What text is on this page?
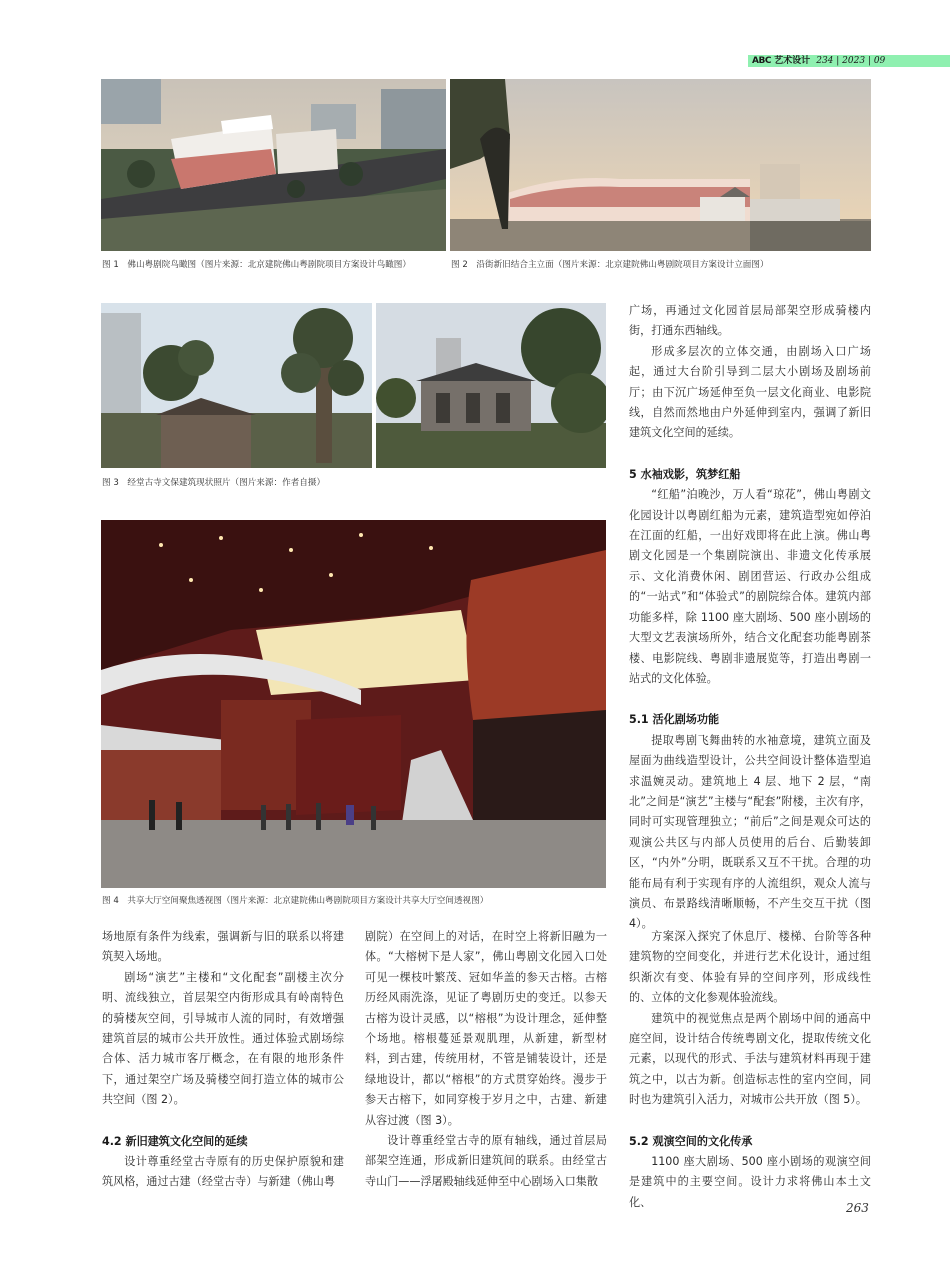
ABC 艺术设计 234 | 2023 | 09
图 1　佛山粤剧院鸟瞰图（图片来源：北京建院佛山粤剧院项目方案设计鸟瞰图）	图 2　沿街新旧结合主立面（图片来源：北京建院佛山粤剧院项目方案设计立面图）
图 3　经堂古寺文保建筑现状照片（图片来源：作者自摄）
图 4　共享大厅空间聚焦透视图（图片来源：北京建院佛山粤剧院项目方案设计共享大厅空间透视图）

广场，再通过文化园首层局部架空形成骑楼内街，打通东西轴线。

形成多层次的立体交通，由剧场入口广场起，通过大台阶引导到二层大小剧场及剧场前厅；由下沉广场延伸至负一层文化商业、电影院线，自然而然地由户外延伸到室内，强调了新旧建筑文化空间的延续。

5 水袖戏影，筑梦红船

“红船”泊晚沙，万人看“琼花”，佛山粤剧文化园设计以粤剧红船为元素，建筑造型宛如停泊在江面的红船，一出好戏即将在此上演。佛山粤剧文化园是一个集剧院演出、非遗文化传承展示、文化消费休闲、剧团营运、行政办公组成的“一站式”和“体验式”的剧院综合体。建筑内部功能多样，除 1100 座大剧场、500 座小剧场的大型文艺表演场所外，结合文化配套功能粤剧茶楼、电影院线、粤剧非遗展览等，打造出粤剧一站式的文化体验。

5.1 活化剧场功能

提取粤剧飞舞曲转的水袖意境，建筑立面及屋面为曲线造型设计，公共空间设计整体造型追求温婉灵动。建筑地上 4 层、地下 2 层，“南北”之间是“演艺”主楼与“配套”附楼，主次有序，同时可实现管理独立；“前后”之间是观众可达的观演公共区与内部人员使用的后台、后勤装卸区，“内外”分明，既联系又互不干扰。合理的功能布局有利于实现有序的人流组织，观众人流与演员、布景路线清晰顺畅，不产生交互干扰（图 4）。

场地原有条件为线索，强调新与旧的联系以将建筑契入场地。

剧场“演艺”主楼和“文化配套”副楼主次分明、流线独立，首层架空内街形成具有岭南特色的骑楼灰空间，引导城市人流的同时，有效增强建筑首层的城市公共开放性。通过体验式剧场综合体、活力城市客厅概念，在有限的地形条件下，通过架空广场及骑楼空间打造立体的城市公共空间（图 2）。

4.2 新旧建筑文化空间的延续

设计尊重经堂古寺原有的历史保护原貌和建筑风格，通过古建（经堂古寺）与新建（佛山粤

剧院）在空间上的对话，在时空上将新旧融为一体。“大榕树下是人家”，佛山粤剧文化园入口处可见一棵枝叶繁茂、冠如华盖的参天古榕。古榕历经风雨洗涤，见证了粤剧历史的变迁。以参天古榕为设计灵感，以“榕根”为设计理念，延伸整个场地。榕根蔓延景观肌理，从新建，新型材料，到古建，传统用材，不管是铺装设计，还是绿地设计，都以“榕根”的方式贯穿始终。漫步于参天古榕下，如同穿梭于岁月之中，古建、新建从容过渡（图 3）。

设计尊重经堂古寺的原有轴线，通过首层局部架空连通，形成新旧建筑间的联系。由经堂古寺山门——浮屠殿轴线延伸至中心剧场入口集散

方案深入探究了休息厅、楼梯、台阶等各种建筑物的空间变化，并进行艺术化设计，通过组织渐次有变、体验有异的空间序列，形成线性的、立体的文化参观体验流线。

建筑中的视觉焦点是两个剧场中间的通高中庭空间，设计结合传统粤剧文化，提取传统文化元素，以现代的形式、手法与建筑材料再现于建筑之中，以古为新。创造标志性的室内空间，同时也为建筑引入活力，对城市公共开放（图 5）。

5.2 观演空间的文化传承

1100 座大剧场、500 座小剧场的观演空间是建筑中的主要空间。设计力求将佛山本土文化、	263
